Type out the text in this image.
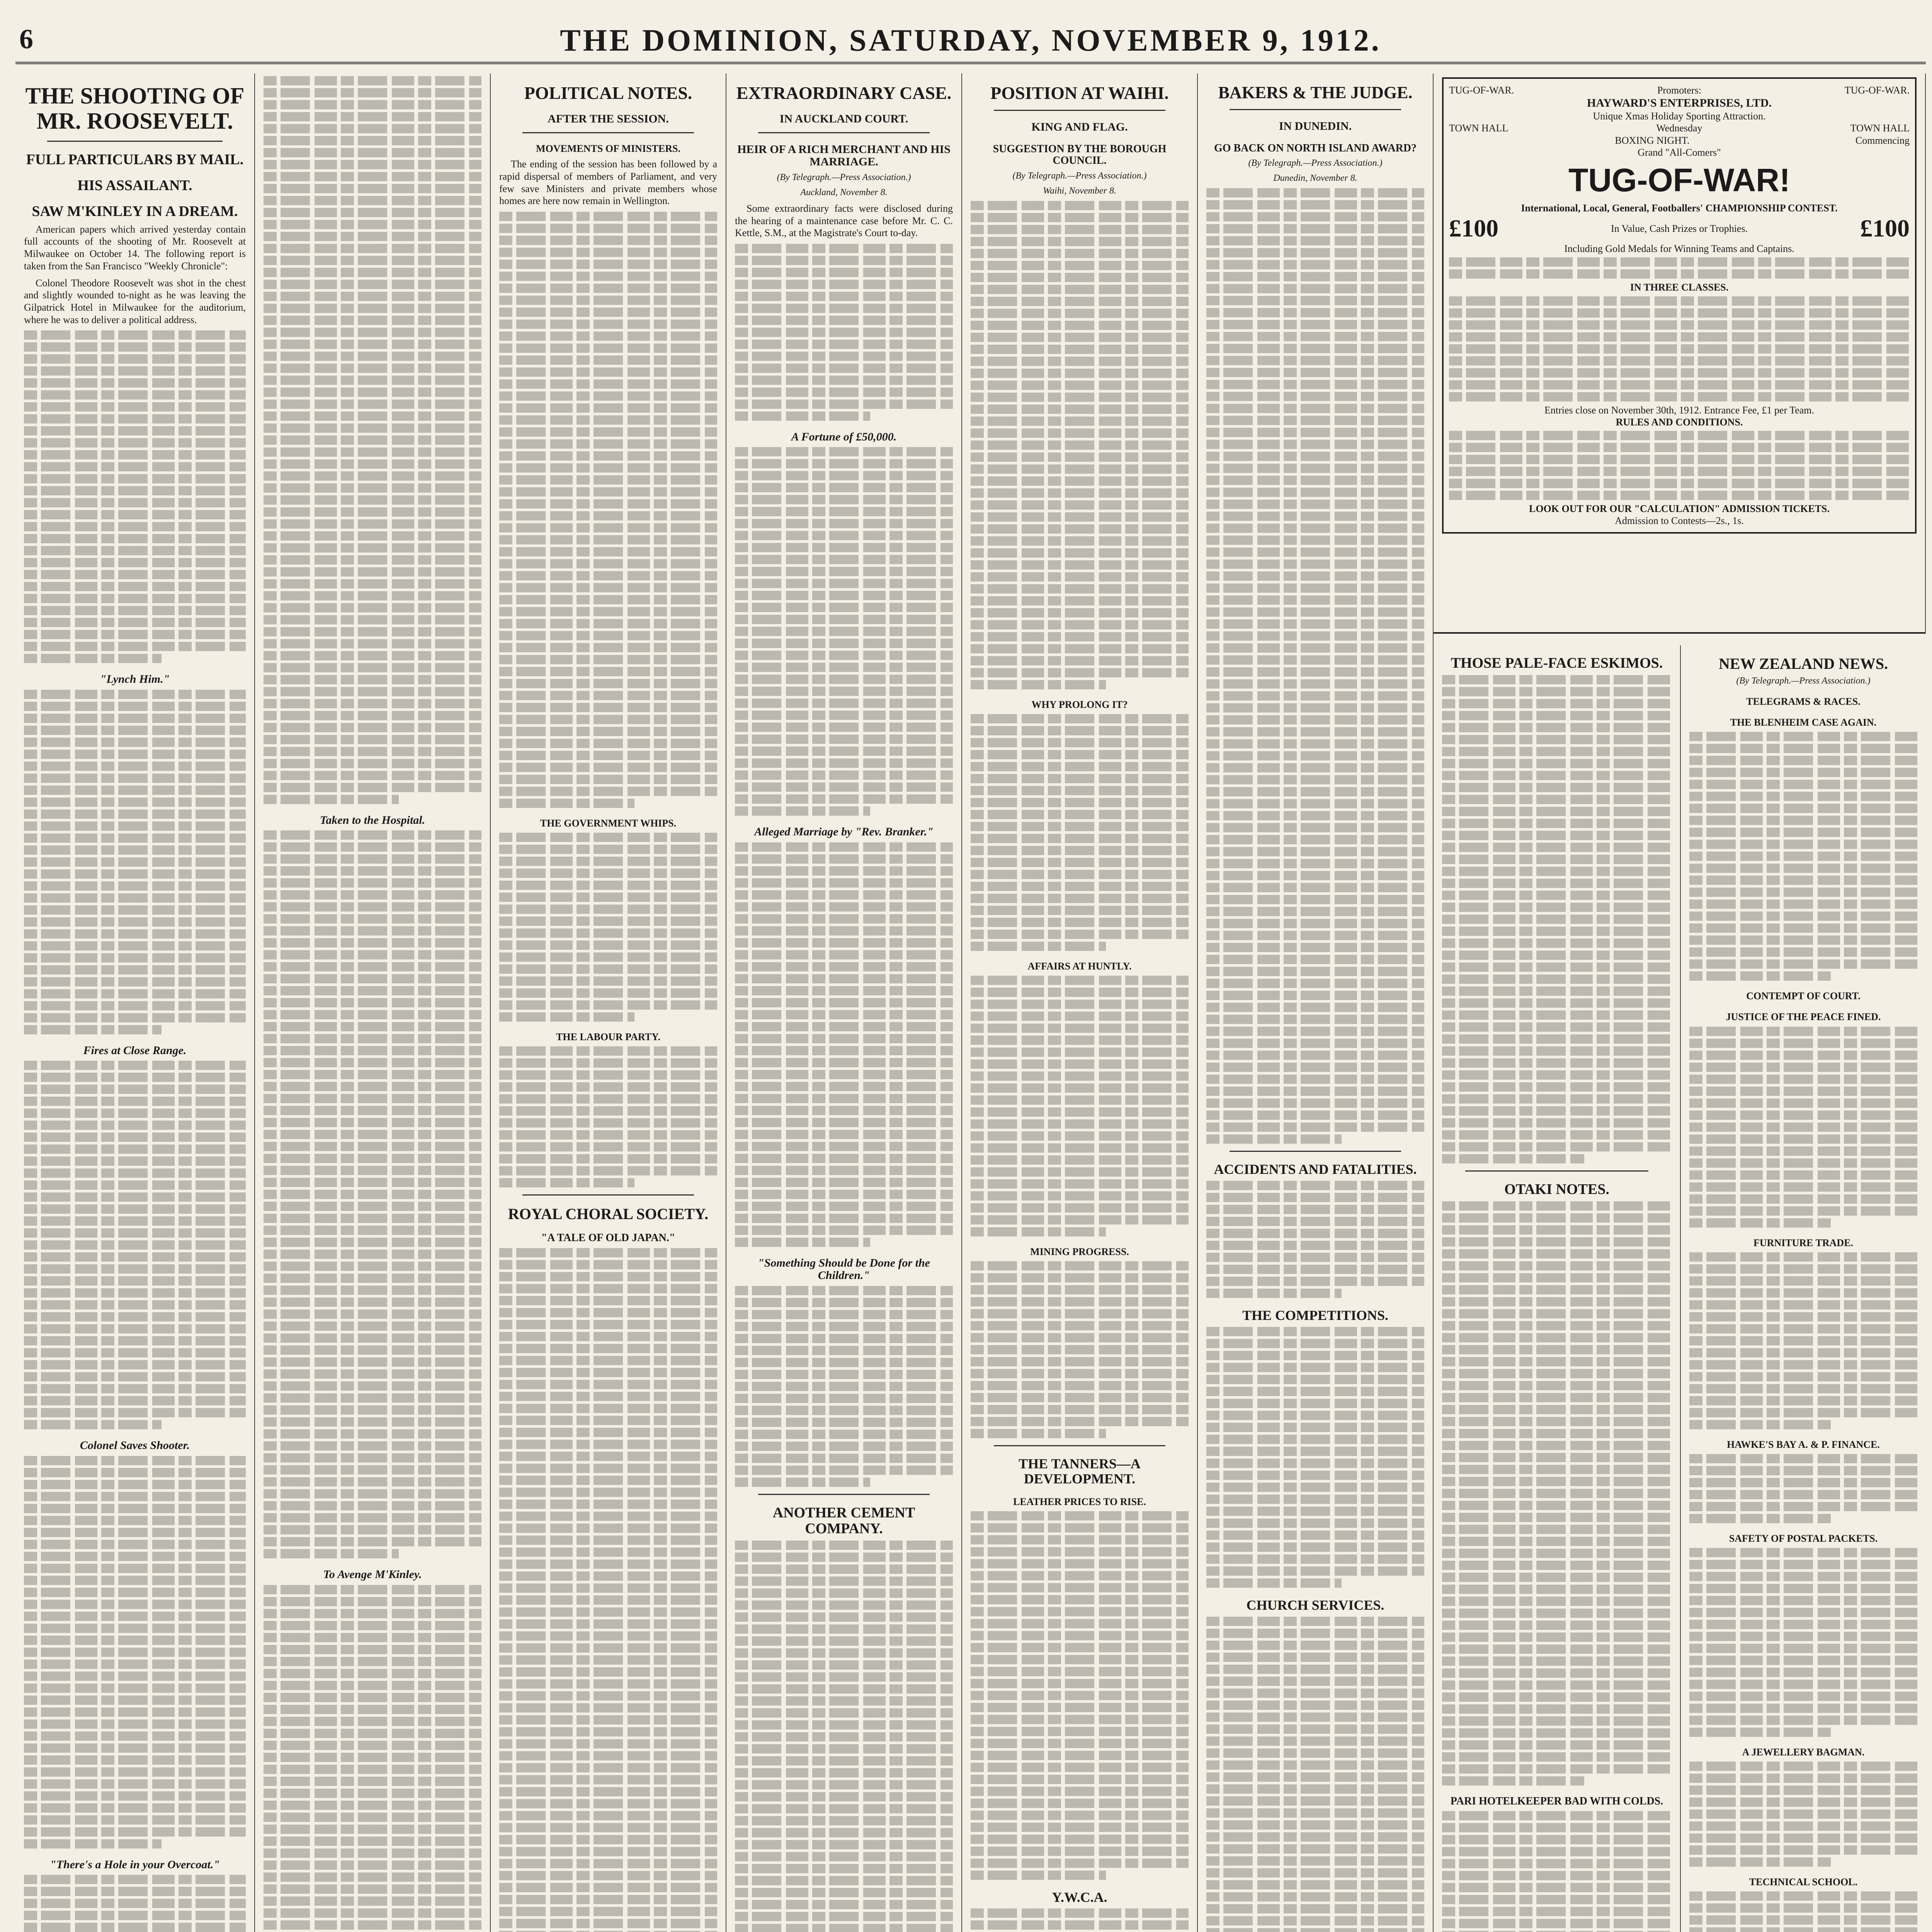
6	THE DOMINION, SATURDAY, NOVEMBER 9, 1912.
THE SHOOTING OF MR. ROOSEVELT.
FULL PARTICULARS BY MAIL.
HIS ASSAILANT.
SAW M'KINLEY IN A DREAM.

American papers which arrived yesterday contain full accounts of the shooting of Mr. Roosevelt at Milwaukee on October 14. The following report is taken from the San Francisco "Weekly Chronicle":

Colonel Theodore Roosevelt was shot in the chest and slightly wounded to-night as he was leaving the Gilpatrick Hotel in Milwaukee for the auditorium, where he was to deliver a political address.

"Lynch Him."
Fires at Close Range.
Colonel Saves Shooter.
"There's a Hole in your Overcoat."
Taken to the Hospital.
To Avenge M'Kinley.
POLITICAL NOTES.
AFTER THE SESSION.
MOVEMENTS OF MINISTERS.

The ending of the session has been followed by a rapid dispersal of members of Parliament, and very few save Ministers and private members whose homes are here now remain in Wellington.

THE GOVERNMENT WHIPS.
THE LABOUR PARTY.
ROYAL CHORAL SOCIETY.
"A TALE OF OLD JAPAN."
EXTRAORDINARY CASE.
IN AUCKLAND COURT.
HEIR OF A RICH MERCHANT AND HIS MARRIAGE.
(By Telegraph.—Press Association.)
Auckland, November 8.

Some extraordinary facts were disclosed during the hearing of a maintenance case before Mr. C. C. Kettle, S.M., at the Magistrate's Court to-day.

A Fortune of £50,000.
Alleged Marriage by "Rev. Branker."
"Something Should be Done for the Children."
ANOTHER CEMENT COMPANY.
POSITION AT WAIHI.
KING AND FLAG.
SUGGESTION BY THE BOROUGH COUNCIL.
(By Telegraph.—Press Association.)
Waihi, November 8.
WHY PROLONG IT?
AFFAIRS AT HUNTLY.
MINING PROGRESS.
THE TANNERS—A DEVELOPMENT.
LEATHER PRICES TO RISE.
Y.W.C.A.
BAKERS & THE JUDGE.
IN DUNEDIN.
GO BACK ON NORTH ISLAND AWARD?
(By Telegraph.—Press Association.)
Dunedin, November 8.
ACCIDENTS AND FATALITIES.
THE COMPETITIONS.
CHURCH SERVICES.
TUG-OF-WAR.	Promoters:	TUG-OF-WAR.
HAYWARD'S ENTERPRISES, LTD.
Unique Xmas Holiday Sporting Attraction.
TOWN HALL	Wednesday	TOWN HALL
BOXING NIGHT.	Commencing
Grand "All-Comers"
TUG-OF-WAR!
International, Local, General, Footballers' CHAMPIONSHIP CONTEST.
£100	In Value, Cash Prizes or Trophies.	£100
Including Gold Medals for Winning Teams and Captains.
IN THREE CLASSES.
Entries close on November 30th, 1912. Entrance Fee, £1 per Team.
RULES AND CONDITIONS.
LOOK OUT FOR OUR "CALCULATION" ADMISSION TICKETS.
Admission to Contests—2s., 1s.
THOSE PALE-FACE ESKIMOS.
OTAKI NOTES.
PARI HOTELKEEPER BAD WITH COLDS.
NEW ZEALAND NEWS.
(By Telegraph.—Press Association.)
TELEGRAMS & RACES.
THE BLENHEIM CASE AGAIN.
CONTEMPT OF COURT.
JUSTICE OF THE PEACE FINED.
FURNITURE TRADE.
HAWKE'S BAY A. & P. FINANCE.
SAFETY OF POSTAL PACKETS.
A JEWELLERY BAGMAN.
TECHNICAL SCHOOL.
